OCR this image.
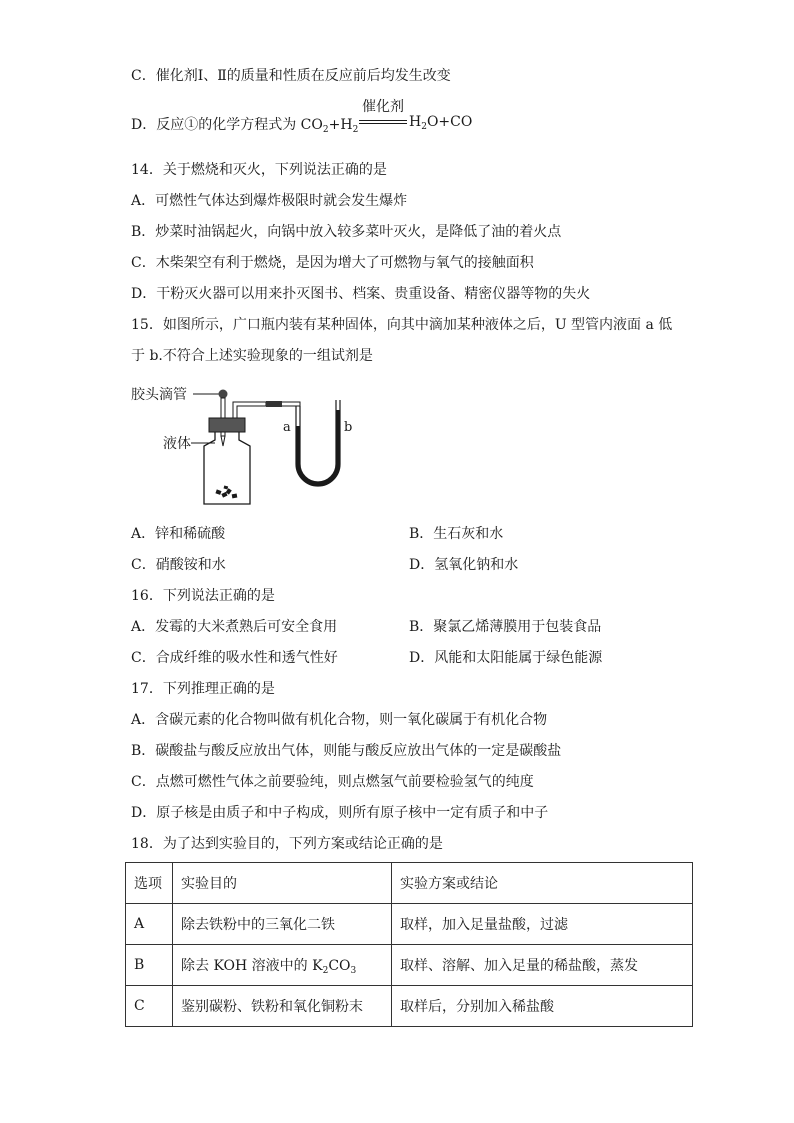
C．催化剂Ⅰ、Ⅱ的质量和性质在反应前后均发生改变
D．反应①的化学方程式为 $CO_2+H_2$
催化剂
$H_2O+CO$
14．关于燃烧和灭火，下列说法正确的是
A．可燃性气体达到爆炸极限时就会发生爆炸
B．炒菜时油锅起火，向锅中放入较多菜叶灭火，是降低了油的着火点
C．木柴架空有利于燃烧，是因为增大了可燃物与氧气的接触面积
D．干粉灭火器可以用来扑灭图书、档案、贵重设备、精密仪器等物的失火
15．如图所示，广口瓶内装有某种固体，向其中滴加某种液体之后，U 型管内液面 a 低
于 b.不符合上述实验现象的一组试剂是
胶头滴管
液体
a	b
A．锌和稀硫酸	B．生石灰和水
C．硝酸铵和水	D．氢氧化钠和水
16．下列说法正确的是
A．发霉的大米煮熟后可安全食用	B．聚氯乙烯薄膜用于包装食品
C．合成纤维的吸水性和透气性好	D．风能和太阳能属于绿色能源
17．下列推理正确的是
A．含碳元素的化合物叫做有机化合物，则一氧化碳属于有机化合物
B．碳酸盐与酸反应放出气体，则能与酸反应放出气体的一定是碳酸盐
C．点燃可燃性气体之前要验纯，则点燃氢气前要检验氢气的纯度
D．原子核是由质子和中子构成，则所有原子核中一定有质子和中子
18．为了达到实验目的，下列方案或结论正确的是
选项	实验目的	实验方案或结论
A	除去铁粉中的三氧化二铁	取样，加入足量盐酸，过滤
B	除去 KOH 溶液中的 $K_2CO_3$	取样、溶解、加入足量的稀盐酸，蒸发
C	鉴别碳粉、铁粉和氧化铜粉末	取样后，分别加入稀盐酸
